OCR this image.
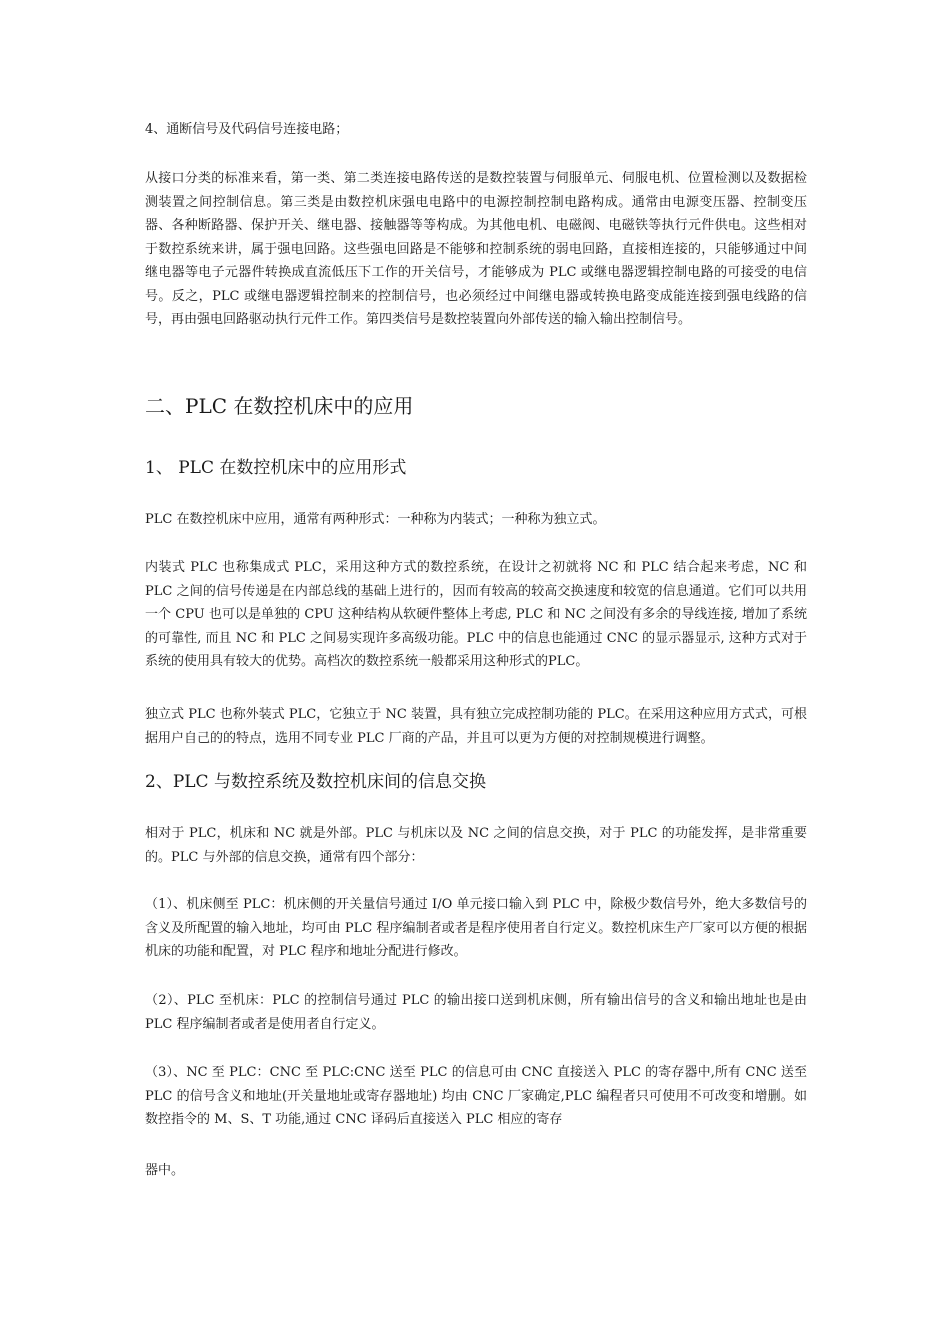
4、通断信号及代码信号连接电路；

从接口分类的标准来看，第一类、第二类连接电路传送的是数控装置与伺服单元、伺服电机、位置检测以及数据检测装置之间控制信息。第三类是由数控机床强电电路中的电源控制控制电路构成。通常由电源变压器、控制变压器、各种断路器、保护开关、继电器、接触器等等构成。为其他电机、电磁阀、电磁铁等执行元件供电。这些相对于数控系统来讲，属于强电回路。这些强电回路是不能够和控制系统的弱电回路，直接相连接的，只能够通过中间继电器等电子元器件转换成直流低压下工作的开关信号，才能够成为 PLC 或继电器逻辑控制电路的可接受的电信号。反之，PLC 或继电器逻辑控制来的控制信号，也必须经过中间继电器或转换电路变成能连接到强电线路的信号，再由强电回路驱动执行元件工作。第四类信号是数控装置向外部传送的输入输出控制信号。

二、PLC 在数控机床中的应用
1、 PLC 在数控机床中的应用形式

PLC 在数控机床中应用，通常有两种形式：一种称为内装式；一种称为独立式。

内装式 PLC 也称集成式 PLC，采用这种方式的数控系统，在设计之初就将 NC 和 PLC 结合起来考虑，NC 和 PLC 之间的信号传递是在内部总线的基础上进行的，因而有较高的较高交换速度和较宽的信息通道。它们可以共用一个 CPU 也可以是单独的 CPU 这种结构从软硬件整体上考虑, PLC 和 NC 之间没有多余的导线连接, 增加了系统的可靠性, 而且 NC 和 PLC 之间易实现许多高级功能。PLC 中的信息也能通过 CNC 的显示器显示, 这种方式对于系统的使用具有较大的优势。高档次的数控系统一般都采用这种形式的PLC。

独立式 PLC 也称外装式 PLC，它独立于 NC 装置，具有独立完成控制功能的 PLC。在采用这种应用方式式，可根据用户自己的的特点，选用不同专业 PLC 厂商的产品，并且可以更为方便的对控制规模进行调整。

2、PLC 与数控系统及数控机床间的信息交换

相对于 PLC，机床和 NC 就是外部。PLC 与机床以及 NC 之间的信息交换，对于 PLC 的功能发挥，是非常重要的。PLC 与外部的信息交换，通常有四个部分：

（1）、机床侧至 PLC：机床侧的开关量信号通过 I/O 单元接口输入到 PLC 中，除极少数信号外，绝大多数信号的含义及所配置的输入地址，均可由 PLC 程序编制者或者是程序使用者自行定义。数控机床生产厂家可以方便的根据机床的功能和配置，对 PLC 程序和地址分配进行修改。

（2）、PLC 至机床：PLC 的控制信号通过 PLC 的输出接口送到机床侧，所有输出信号的含义和输出地址也是由 PLC 程序编制者或者是使用者自行定义。

（3）、NC 至 PLC：CNC 至 PLC:CNC 送至 PLC 的信息可由 CNC 直接送入 PLC 的寄存器中,所有 CNC 送至 PLC 的信号含义和地址(开关量地址或寄存器地址) 均由 CNC 厂家确定,PLC 编程者只可使用不可改变和增删。如数控指令的 M、S、T 功能,通过 CNC 译码后直接送入 PLC 相应的寄存

器中。
